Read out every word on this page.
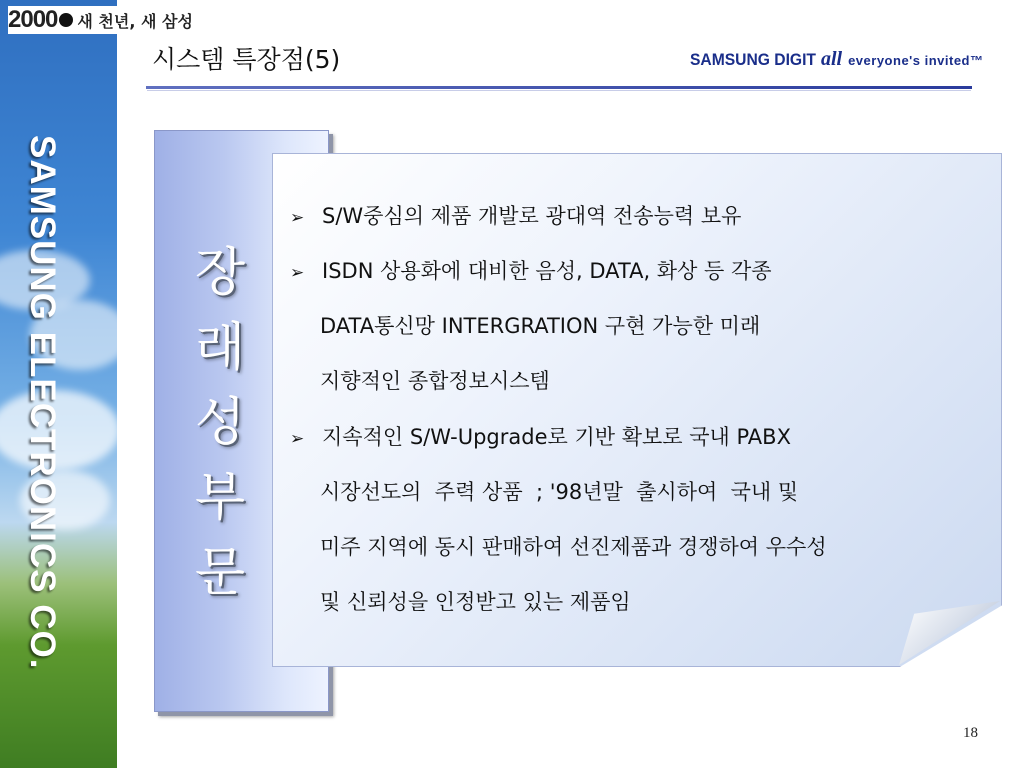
SAMSUNG ELECTRONICS CO.
2000 새 천년, 새 삼성
시스템 특장점(5)	SAMSUNG DIGIT all everyone's invited™
장
래
성
부
문
➢ S/W중심의 제품 개발로 광대역 전송능력 보유
➢ ISDN 상용화에 대비한 음성, DATA, 화상 등 각종
DATA통신망 INTERGRATION 구현 가능한 미래
지향적인 종합정보시스템
➢ 지속적인 S/W-Upgrade로 기반 확보로 국내 PABX
시장선도의  주력 상품  ; '98년말  출시하여  국내 및
미주 지역에 동시 판매하여 선진제품과 경쟁하여 우수성
및 신뢰성을 인정받고 있는 제품임
18
